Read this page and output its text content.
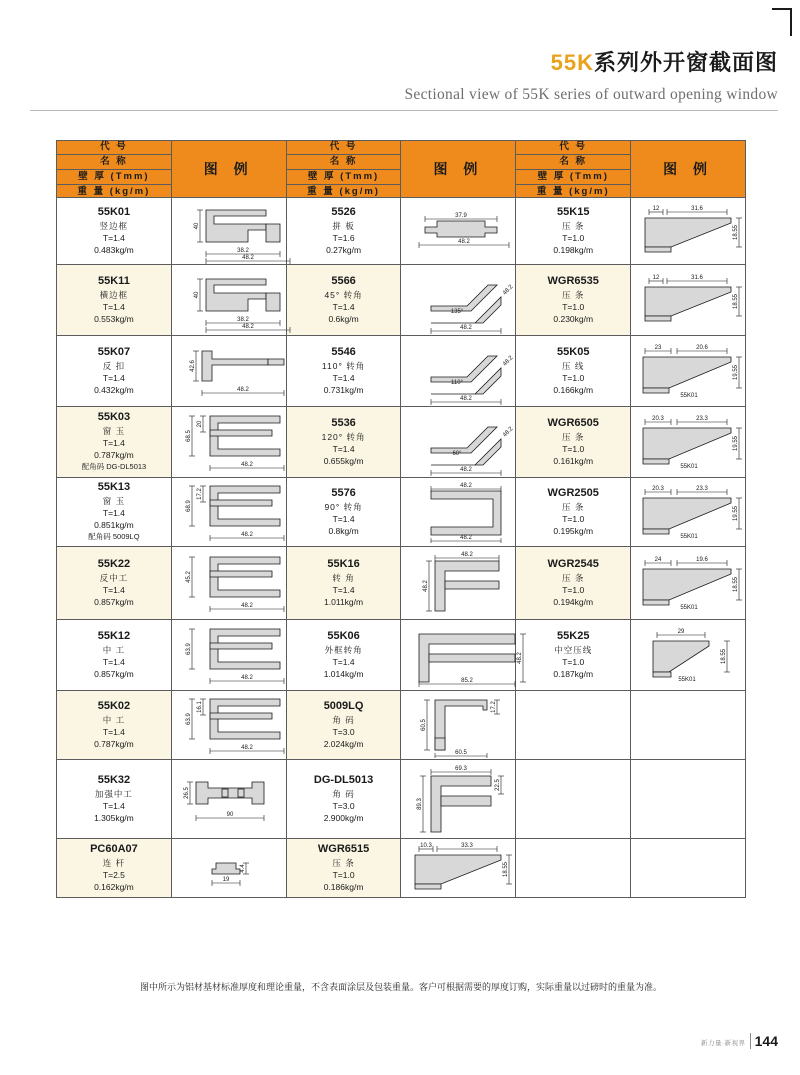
55K系列外开窗截面图
Sectional view of 55K series of outward opening window
代 号
名 称
壁 厚 (Tmm)
重 量 (kg/m)	图 例	代 号
名 称
壁 厚 (Tmm)
重 量 (kg/m)	图 例	代 号
名 称
壁 厚 (Tmm)
重 量 (kg/m)	图 例

55K01
竖边框
T=1.4
0.483kg/m	40
38.2
48.2	5526
拼 板
T=1.6
0.27kg/m	37.9
48.2	55K15
压 条
T=1.0
0.198kg/m	12 31.6
18.55

55K11
横边框
T=1.4
0.553kg/m	40
38.2
48.2	5566
45° 转角
T=1.4
0.6kg/m	135°
48.2
48.2	WGR6535
压 条
T=1.0
0.230kg/m	12 31.6
18.55

55K07
反 扣
T=1.4
0.432kg/m	42.6
48.2	5546
110° 转角
T=1.4
0.731kg/m	110°
48.2
48.2	55K05
压 线
T=1.0
0.166kg/m	23 20.6
19.55
55K01

55K03
窗 玉
T=1.4
0.787kg/m
配角码 DG-DL5013	68.5
20
48.2	5536
120° 转角
T=1.4
0.655kg/m	60°
48.2
48.2	WGR6505
压 条
T=1.0
0.161kg/m	20.3 23.3
19.55
55K01

55K13
窗 玉
T=1.4
0.851kg/m
配角码 5009LQ	68.9
17.2
48.2	5576
90° 转角
T=1.4
0.8kg/m	48.2
48.2	WGR2505
压 条
T=1.0
0.195kg/m	20.3 23.3
19.55
55K01

55K22
反中工
T=1.4
0.857kg/m	45.2
48.2	55K16
转 角
T=1.4
1.011kg/m	48.2
48.2	WGR2545
压 条
T=1.0
0.194kg/m	24 19.6
18.55
55K01

55K12
中 工
T=1.4
0.857kg/m	63.9
48.2	55K06
外框转角
T=1.4
1.014kg/m	85.2
48.2	55K25
中空压线
T=1.0
0.187kg/m	29
18.55
55K01

55K02
中 工
T=1.4
0.787kg/m	63.9
16.1
48.2	5009LQ
角 码
T=3.0
2.024kg/m	60.5
17.2
60.5		

55K32
加强中工
T=1.4
1.305kg/m	26.5
90	DG-DL5013
角 码
T=3.0
2.900kg/m	69.3
89.3
22.5		

PC60A07
连 杆
T=2.5
0.162kg/m	4.4
19	WGR6515
压 条
T=1.0
0.186kg/m	10.3 33.3
18.55		

图中所示为铝材基材标准厚度和理论重量，不含表面涂层及包装重量。客户可根据需要的厚度订购，实际重量以过磅时的重量为准。
新力量·新视界 144
